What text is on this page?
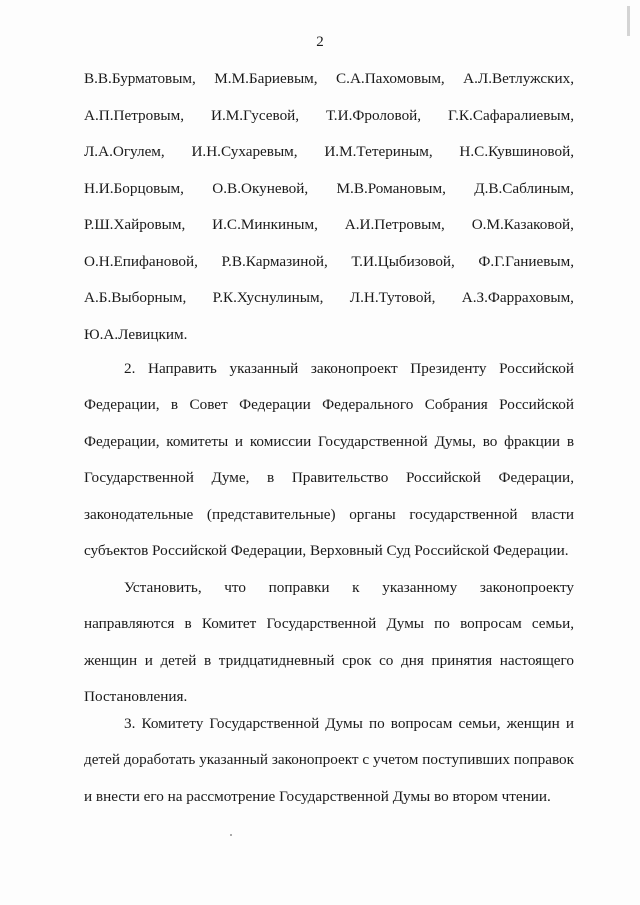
2
В.В.Бурматовым, М.М.Бариевым, С.А.Пахомовым, А.Л.Ветлужских,
А.П.Петровым, И.М.Гусевой, Т.И.Фроловой, Г.К.Сафаралиевым,
Л.А.Огулем, И.Н.Сухаревым, И.М.Тетериным, Н.С.Кувшиновой,
Н.И.Борцовым, О.В.Окуневой, М.В.Романовым, Д.В.Саблиным,
Р.Ш.Хайровым, И.С.Минкиным, А.И.Петровым, О.М.Казаковой,
О.Н.Епифановой, Р.В.Кармазиной, Т.И.Цыбизовой, Ф.Г.Ганиевым,
А.Б.Выборным, Р.К.Хуснулиным, Л.Н.Тутовой, А.З.Фарраховым,
Ю.А.Левицким.

2. Направить указанный законопроект Президенту Российской
Федерации, в Совет Федерации Федерального Собрания Российской
Федерации, комитеты и комиссии Государственной Думы, во фракции в
Государственной Думе, в Правительство Российской Федерации,
законодательные (представительные) органы государственной власти
субъектов Российской Федерации, Верховный Суд Российской Федерации.

Установить, что поправки к указанному законопроекту
направляются в Комитет Государственной Думы по вопросам семьи,
женщин и детей в тридцатидневный срок со дня принятия настоящего
Постановления.

3. Комитету Государственной Думы по вопросам семьи, женщин и
детей доработать указанный законопроект с учетом поступивших поправок
и внести его на рассмотрение Государственной Думы во втором чтении.
